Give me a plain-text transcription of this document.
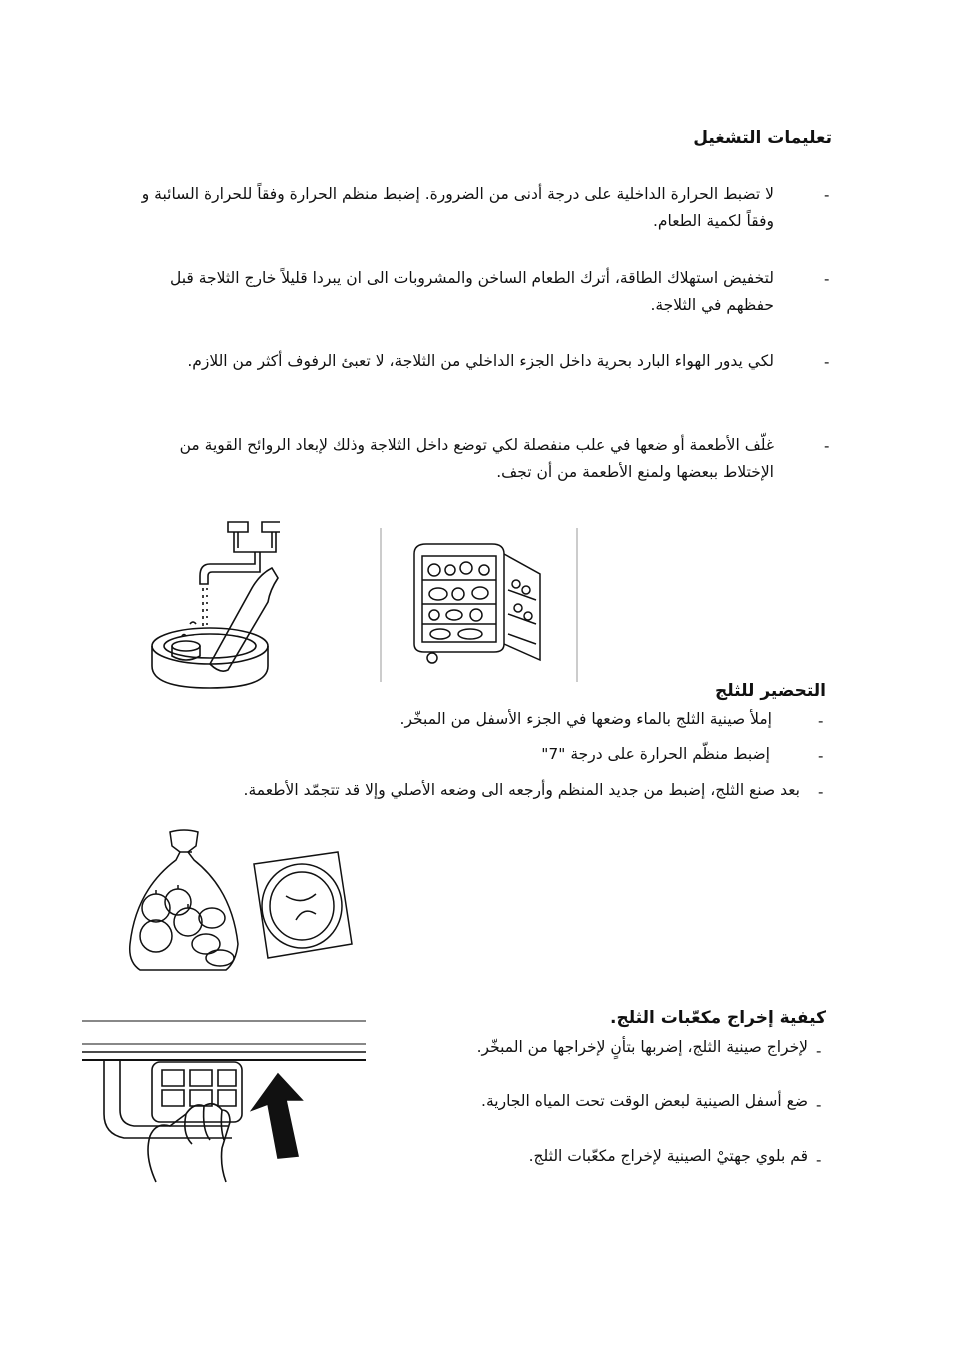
تعليمات التشغيل
-
لا تضبط الحرارة الداخلية على درجة أدنى من الضرورة. إضبط منظم الحرارة وفقاً للحرارة السائبة و وفقاً لكمية الطعام.
-
لتخفيض استهلاك الطاقة، أترك الطعام الساخن والمشروبات الى ان يبردا قليلاً خارج الثلاجة قبل حفظهم في الثلاجة.
-
لكي يدور الهواء البارد بحرية داخل الجزء الداخلي من الثلاجة، لا تعبئ الرفوف أكثر من اللازم.
-
غلّف الأطعمة أو ضعها في علب منفصلة لكي توضع داخل الثلاجة وذلك لإبعاد الروائح القوية من الإختلاط ببعضها ولمنع الأطعمة من أن تجف.
التحضير للثلج
-
إملأ صينية الثلج بالماء وضعها في الجزء الأسفل من المبخّر.
-
إضبط منظّم الحرارة على درجة "7"
-
بعد صنع الثلج، إضبط من جديد المنظم وأرجعه الى وضعه الأصلي وإلا قد تتجمّد الأطعمة.
كيفية إخراج مكعّبات الثلج.
-
لإخراج صينية الثلج، إضربها بتأنٍ لإخراجها من المبخّر.
-
ضع أسفل الصينية لبعض الوقت تحت المياه الجارية.
-
قم بلوي جهتيْ الصينية لإخراج مكعّبات الثلج.
